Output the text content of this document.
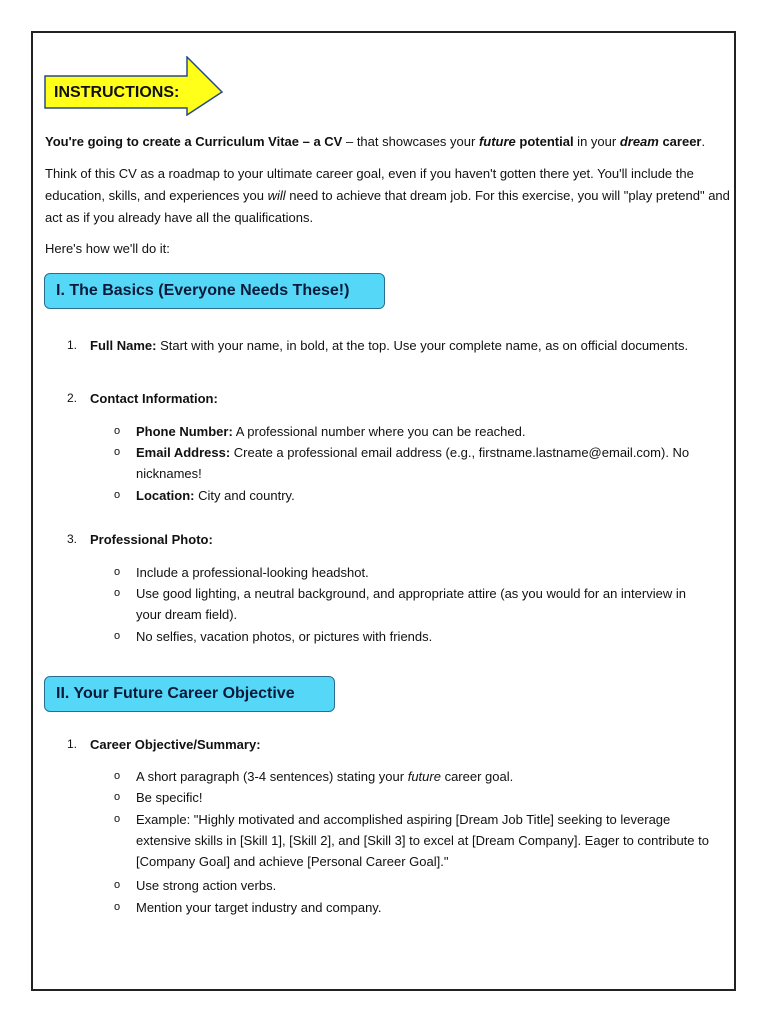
INSTRUCTIONS:

You're going to create a Curriculum Vitae – a CV – that showcases your future potential in your dream career.

Think of this CV as a roadmap to your ultimate career goal, even if you haven't gotten there yet. You'll include the education, skills, and experiences you will need to achieve that dream job. For this exercise, you will "play pretend" and act as if you already have all the qualifications.

Here's how we'll do it:

I. The Basics (Everyone Needs These!)
1. Full Name: Start with your name, in bold, at the top. Use your complete name, as on official documents.
2. Contact Information:
o Phone Number: A professional number where you can be reached.
o Email Address: Create a professional email address (e.g., firstname.lastname@email.com). No nicknames!
o Location: City and country.
3. Professional Photo:
o Include a professional-looking headshot.
o Use good lighting, a neutral background, and appropriate attire (as you would for an interview in your dream field).
o No selfies, vacation photos, or pictures with friends.
II. Your Future Career Objective
1. Career Objective/Summary:
o A short paragraph (3-4 sentences) stating your future career goal.
o Be specific!
o Example: "Highly motivated and accomplished aspiring [Dream Job Title] seeking to leverage extensive skills in [Skill 1], [Skill 2], and [Skill 3] to excel at [Dream Company]. Eager to contribute to [Company Goal] and achieve [Personal Career Goal]."
o Use strong action verbs.
o Mention your target industry and company.
